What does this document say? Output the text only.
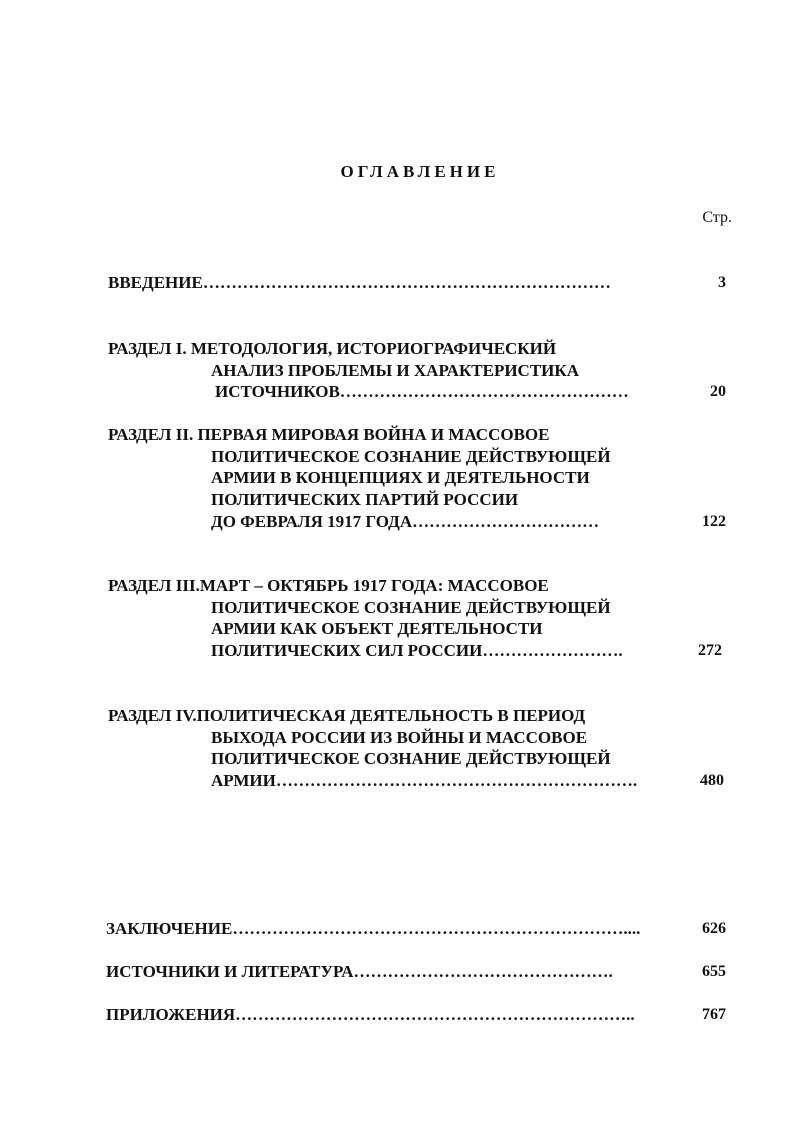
ОГЛАВЛЕНИЕ
Стр.
ВВЕДЕНИЕ………………………………………………………………	3
РАЗДЕЛ I. МЕТОДОЛОГИЯ, ИСТОРИОГРАФИЧЕСКИЙ
АНАЛИЗ ПРОБЛЕМЫ И ХАРАКТЕРИСТИКА
ИСТОЧНИКОВ……………………………………………	20
РАЗДЕЛ II. ПЕРВАЯ МИРОВАЯ ВОЙНА И МАССОВОЕ
ПОЛИТИЧЕСКОЕ СОЗНАНИЕ ДЕЙСТВУЮЩЕЙ
АРМИИ В КОНЦЕПЦИЯХ И ДЕЯТЕЛЬНОСТИ
ПОЛИТИЧЕСКИХ ПАРТИЙ РОССИИ
ДО ФЕВРАЛЯ 1917 ГОДА……………………………	122
РАЗДЕЛ III.МАРТ – ОКТЯБРЬ 1917 ГОДА: МАССОВОЕ
ПОЛИТИЧЕСКОЕ СОЗНАНИЕ ДЕЙСТВУЮЩЕЙ
АРМИИ КАК ОБЪЕКТ ДЕЯТЕЛЬНОСТИ
ПОЛИТИЧЕСКИХ СИЛ РОССИИ…………………….	272
РАЗДЕЛ IV.ПОЛИТИЧЕСКАЯ ДЕЯТЕЛЬНОСТЬ В ПЕРИОД
ВЫХОДА РОССИИ ИЗ ВОЙНЫ И МАССОВОЕ
ПОЛИТИЧЕСКОЕ СОЗНАНИЕ ДЕЙСТВУЮЩЕЙ
АРМИИ……………………………………………………….	480
ЗАКЛЮЧЕНИЕ……………………………………………………………....	626
ИСТОЧНИКИ И ЛИТЕРАТУРА……………………………………….	655
ПРИЛОЖЕНИЯ……………………………………………………………..	767
